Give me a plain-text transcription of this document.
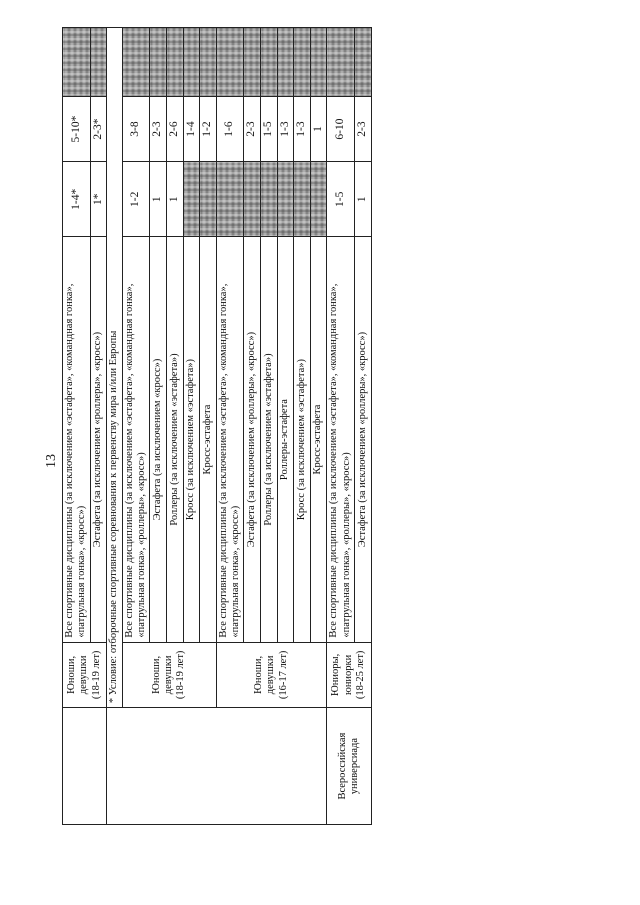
13
	Юноши, девушки (18-19 лет)	Все спортивные дисциплины (за исключением «эстафета», «командная гонка», «патрульная гонка», «кросс»)	1-4*	5-10*	
		Эстафета (за исключением «роллеры», «кросс»)	1*	2-3*	
	* Условие: отборочные спортивные соревнования к первенству мира и/или Европы				
	Юноши, девушки (18-19 лет)	Все спортивные дисциплины (за исключением «эстафета», «командная гонка», «патрульная гонка», «роллеры», «кросс»)	1-2	3-8	
		Эстафета (за исключением «кросс»)	1	2-3	
		Роллеры (за исключением «эстафета»)	1	2-6	
		Кросс (за исключением «эстафета»)		1-4	
		Кросс-эстафета		1-2	
	Юноши, девушки (16-17 лет)	Все спортивные дисциплины (за исключением «эстафета», «командная гонка», «патрульная гонка», «кросс»)		1-6	
		Эстафета (за исключением «роллеры», «кросс»)		2-3	
		Роллеры (за исключением «эстафета»)		1-5	
		Роллеры-эстафета		1-3	
		Кросс (за исключением «эстафета»)		1-3	
		Кросс-эстафета		1	
Всероссийская универсиада	Юниоры, юниорки (18-25 лет)	Все спортивные дисциплины (за исключением «эстафета», «командная гонка», «патрульная гонка», «роллеры», «кросс»)	1-5	6-10	
		Эстафета (за исключением «роллеры», «кросс»)	1	2-3	
